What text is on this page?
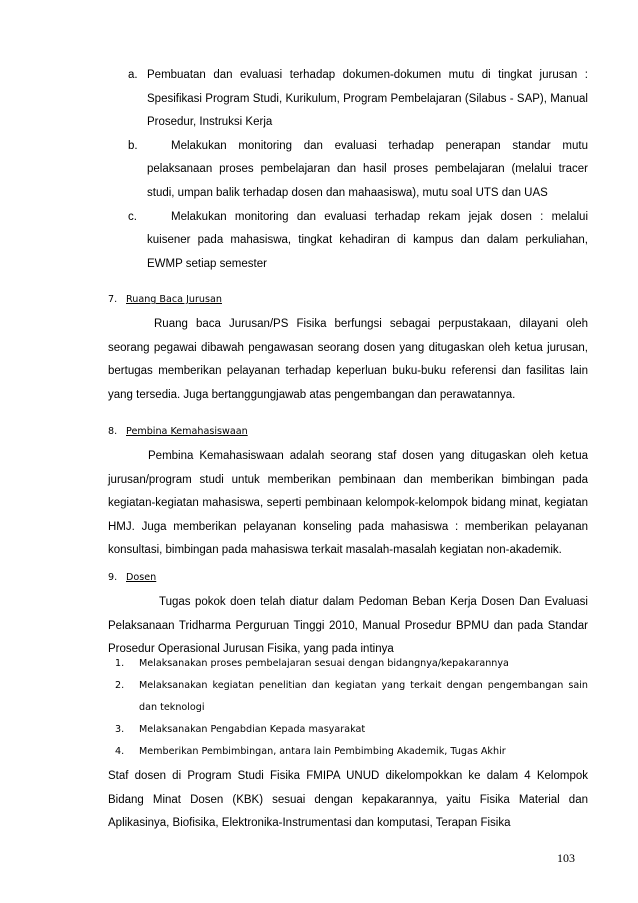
a. Pembuatan dan evaluasi terhadap dokumen-dokumen mutu di tingkat jurusan : Spesifikasi Program Studi, Kurikulum, Program Pembelajaran (Silabus - SAP), Manual Prosedur, Instruksi Kerja
b.	Melakukan monitoring dan evaluasi terhadap penerapan standar mutu pelaksanaan proses pembelajaran dan hasil proses pembelajaran (melalui tracer studi, umpan balik terhadap dosen dan mahaasiswa), mutu soal UTS dan UAS
c.	Melakukan monitoring dan evaluasi terhadap rekam jejak dosen : melalui kuisener pada mahasiswa, tingkat kehadiran di kampus dan dalam perkuliahan, EWMP setiap semester
7. Ruang Baca Jurusan
Ruang baca Jurusan/PS Fisika berfungsi sebagai perpustakaan, dilayani oleh seorang pegawai dibawah pengawasan seorang dosen yang ditugaskan oleh ketua jurusan, bertugas memberikan pelayanan terhadap keperluan buku-buku referensi dan fasilitas lain yang tersedia. Juga bertanggungjawab atas pengembangan dan perawatannya.
8. Pembina Kemahasiswaan
Pembina Kemahasiswaan adalah seorang staf dosen yang ditugaskan oleh ketua jurusan/program studi untuk memberikan pembinaan dan memberikan bimbingan pada kegiatan-kegiatan mahasiswa, seperti pembinaan kelompok-kelompok bidang minat, kegiatan HMJ. Juga memberikan pelayanan konseling pada mahasiswa : memberikan pelayanan konsultasi, bimbingan pada mahasiswa terkait masalah-masalah kegiatan non-akademik.
9. Dosen
Tugas pokok doen telah diatur dalam Pedoman Beban Kerja Dosen Dan Evaluasi Pelaksanaan Tridharma Perguruan Tinggi 2010, Manual Prosedur BPMU dan pada Standar Prosedur Operasional Jurusan Fisika, yang pada intinya
1. Melaksanakan proses pembelajaran sesuai dengan bidangnya/kepakarannya
2. Melaksanakan kegiatan penelitian dan kegiatan yang terkait dengan pengembangan sain dan teknologi
3. Melaksanakan Pengabdian Kepada masyarakat
4. Memberikan Pembimbingan, antara lain Pembimbing Akademik, Tugas Akhir
Staf dosen di Program Studi Fisika FMIPA UNUD dikelompokkan ke dalam 4 Kelompok Bidang Minat Dosen (KBK) sesuai dengan kepakarannya, yaitu Fisika Material dan Aplikasinya, Biofisika, Elektronika-Instrumentasi dan komputasi, Terapan Fisika
103
